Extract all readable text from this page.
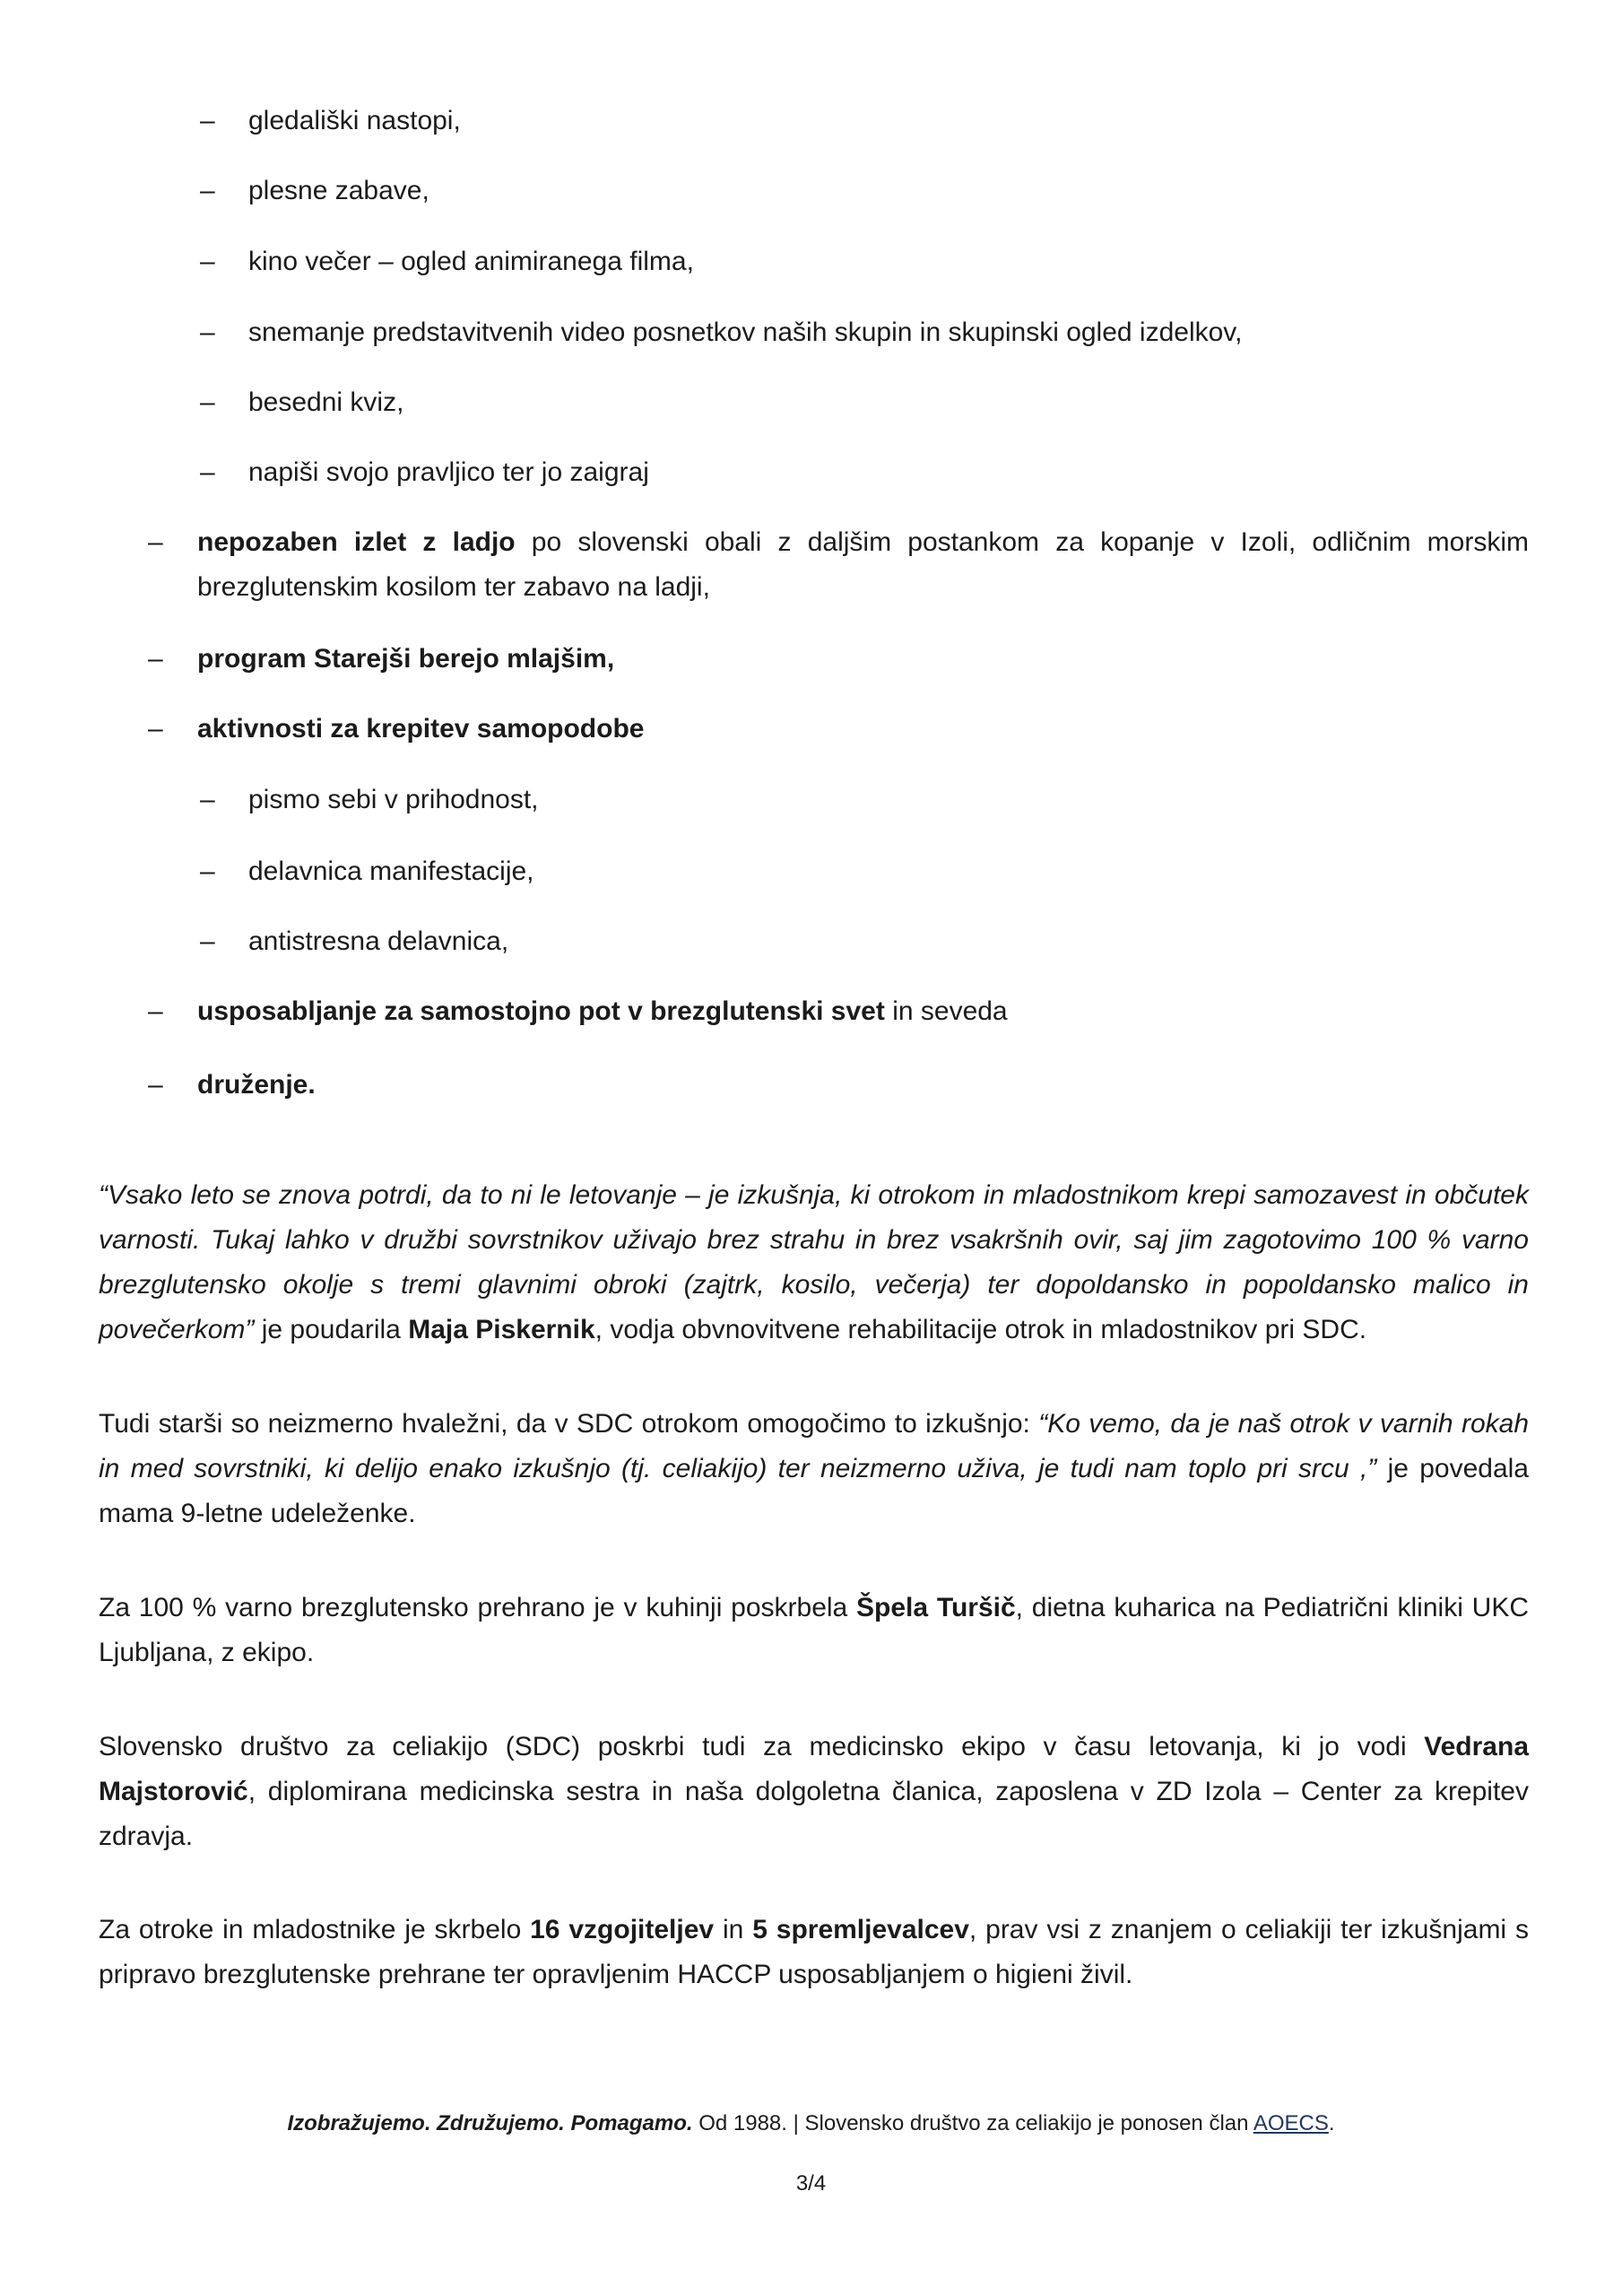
– gledališki nastopi,
– plesne zabave,
– kino večer – ogled animiranega filma,
– snemanje predstavitvenih video posnetkov naših skupin in skupinski ogled izdelkov,
– besedni kviz,
– napiši svojo pravljico ter jo zaigraj
– nepozaben izlet z ladjo po slovenski obali z daljšim postankom za kopanje v Izoli, odličnim morskim brezglutenskim kosilom ter zabavo na ladji,
– program Starejši berejo mlajšim,
– aktivnosti za krepitev samopodobe
– pismo sebi v prihodnost,
– delavnica manifestacije,
– antistresna delavnica,
– usposabljanje za samostojno pot v brezglutenski svet in seveda
– druženje.
“Vsako leto se znova potrdi, da to ni le letovanje – je izkušnja, ki otrokom in mladostnikom krepi samozavest in občutek varnosti. Tukaj lahko v družbi sovrstnikov uživajo brez strahu in brez vsakršnih ovir, saj jim zagotovimo 100 % varno brezglutensko okolje s tremi glavnimi obroki (zajtrk, kosilo, večerja) ter dopoldansko in popoldansko malico in povečerkom” je poudarila Maja Piskernik, vodja obvnovitvene rehabilitacije otrok in mladostnikov pri SDC.
Tudi starši so neizmerno hvaležni, da v SDC otrokom omogočimo to izkušnjo: “Ko vemo, da je naš otrok v varnih rokah in med sovrstniki, ki delijo enako izkušnjo (tj. celiakijo) ter neizmerno uživa, je tudi nam toplo pri srcu ,” je povedala mama 9-letne udeleženke.
Za 100 % varno brezglutensko prehrano je v kuhinji poskrbela Špela Turšič, dietna kuharica na Pediatrični kliniki UKC Ljubljana, z ekipo.
Slovensko društvo za celiakijo (SDC) poskrbi tudi za medicinsko ekipo v času letovanja, ki jo vodi Vedrana Majstorović, diplomirana medicinska sestra in naša dolgoletna članica, zaposlena v ZD Izola – Center za krepitev zdravja.
Za otroke in mladostnike je skrbelo 16 vzgojiteljev in 5 spremljevalcev, prav vsi z znanjem o celiakiji ter izkušnjami s pripravo brezglutenske prehrane ter opravljenim HACCP usposabljanjem o higieni živil.
Izobražujemo. Združujemo. Pomagamo. Od 1988. | Slovensko društvo za celiakijo je ponosen član AOECS.
3/4
